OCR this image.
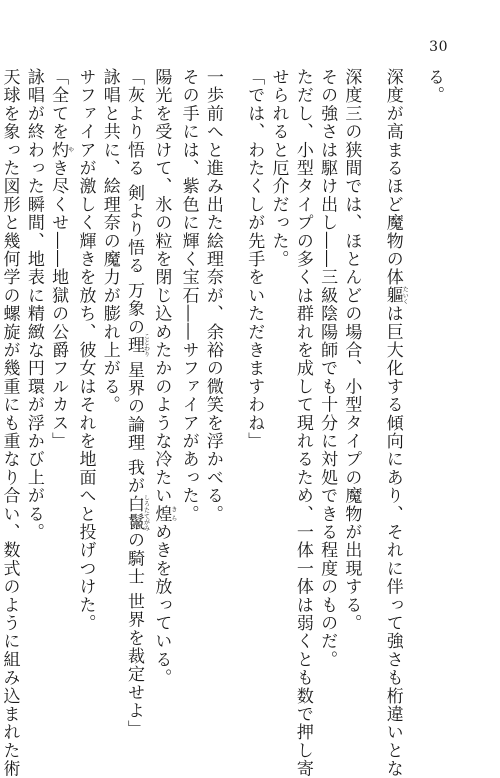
30
る。
深度が高まるほど魔物の体軀たいくは巨大化する傾向にあり、それに伴って強さも桁違いとな
深度三の狭間では、ほとんどの場合、小型タイプの魔物が出現する。
その強さは駆け出し――三級陰陽師でも十分に対処できる程度のものだ。
ただし、小型タイプの多くは群れを成して現れるため、一体一体は弱くとも数で押し寄
せられると厄介だった。
「では、わたくしが先手をいただきますわね」
一歩前へと進み出た絵理奈が、余裕の微笑を浮かべる。
その手には、紫色に輝く宝石――サファイアがあった。
陽光を受けて、氷の粒を閉じ込めたかのような冷たい煌きらめきを放っている。
「灰より悟る 剣より悟る 万象の理ことわり 星界の論理 我が白鬣しろたてがみの騎士 世界を裁定せよ」
詠唱と共に、絵理奈の魔力が膨れ上がる。
サファイアが激しく輝きを放ち、彼女はそれを地面へと投げつけた。
「全てを灼やき尽くせ――地獄の公爵フルカス」
詠唱が終わった瞬間、地表に精緻な円環が浮かび上がる。
天球を象った図形と幾何学の螺旋が幾重にも重なり合い、数式のように組み込まれた術
